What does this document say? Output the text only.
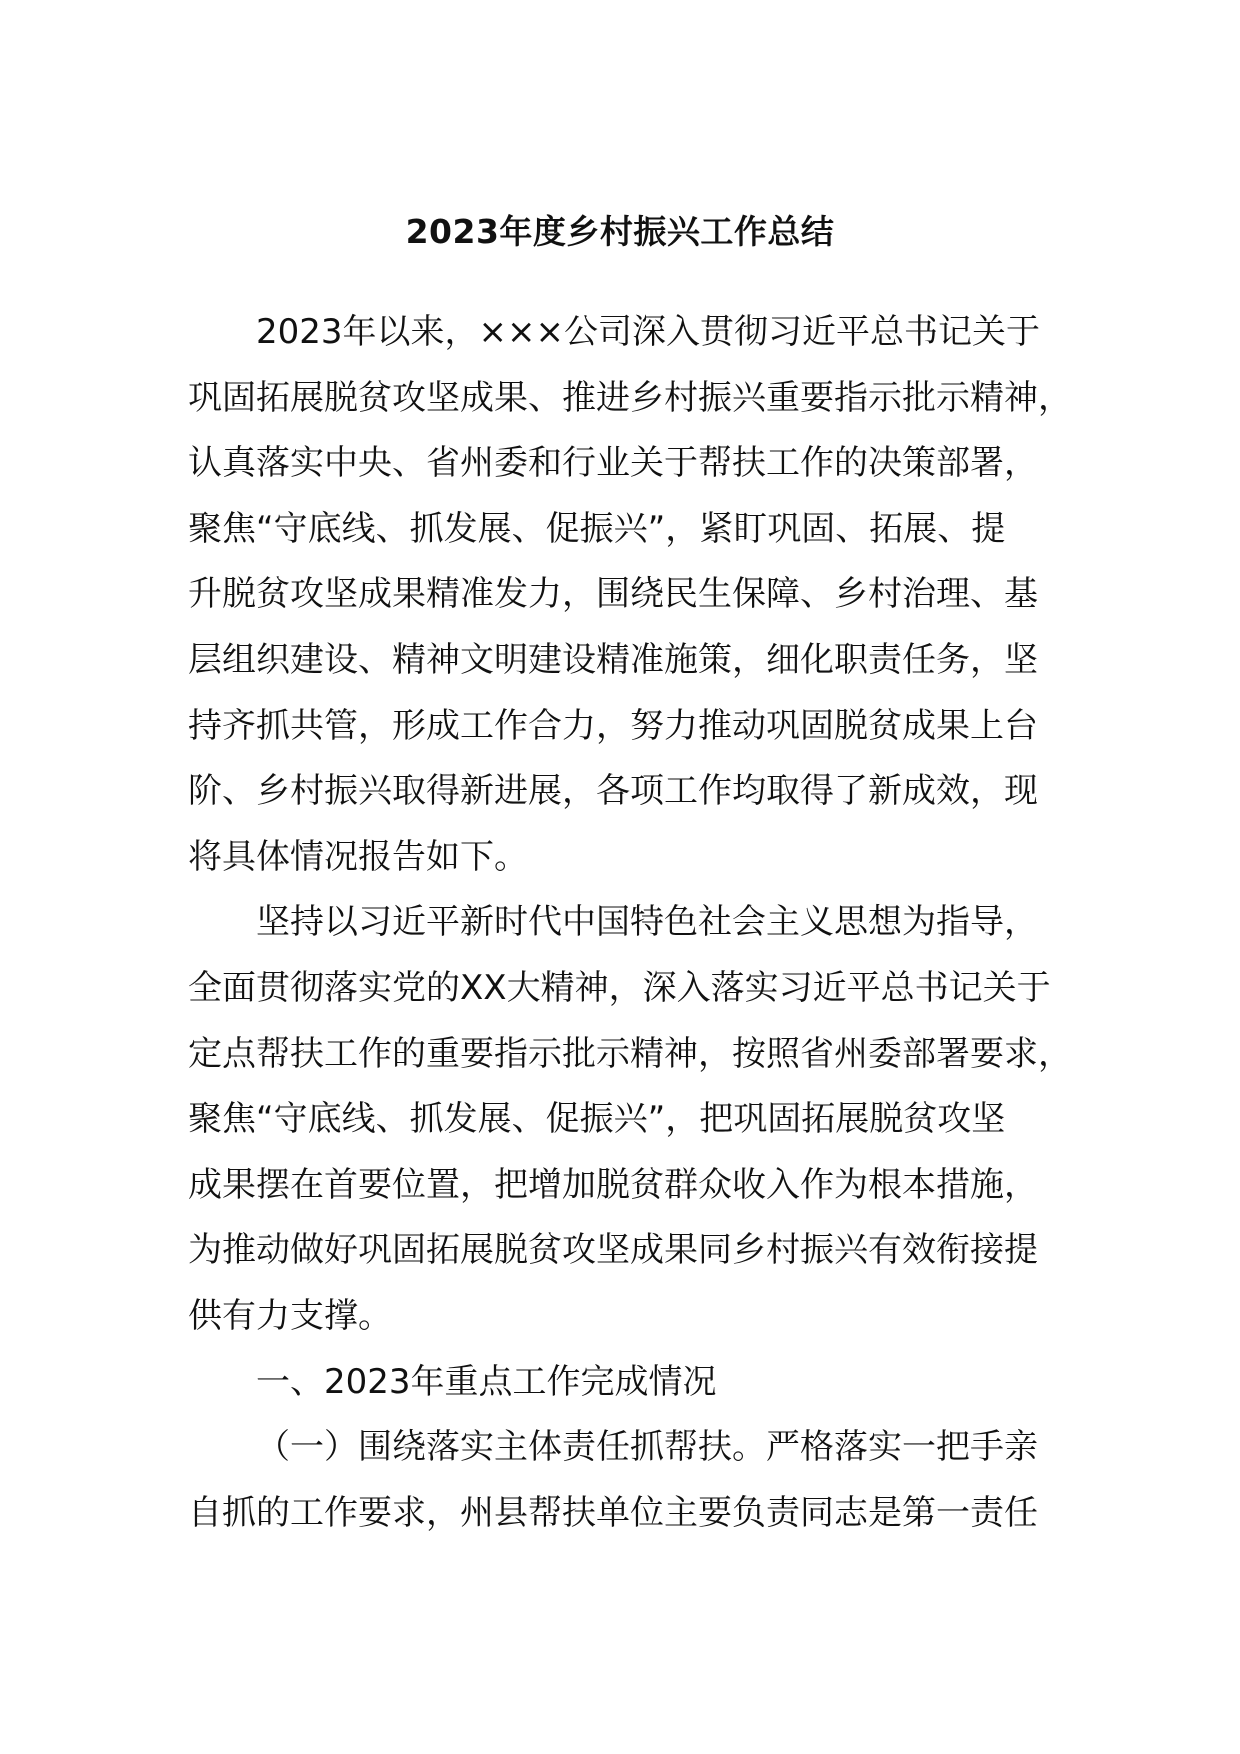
2023年度乡村振兴工作总结
2023年以来，×××公司深入贯彻习近平总书记关于
巩固拓展脱贫攻坚成果、推进乡村振兴重要指示批示精神，
认真落实中央、省州委和行业关于帮扶工作的决策部署，
聚焦“守底线、抓发展、促振兴”，紧盯巩固、拓展、提
升脱贫攻坚成果精准发力，围绕民生保障、乡村治理、基
层组织建设、精神文明建设精准施策，细化职责任务，坚
持齐抓共管，形成工作合力，努力推动巩固脱贫成果上台
阶、乡村振兴取得新进展，各项工作均取得了新成效，现
将具体情况报告如下。
坚持以习近平新时代中国特色社会主义思想为指导，
全面贯彻落实党的XX大精神，深入落实习近平总书记关于
定点帮扶工作的重要指示批示精神，按照省州委部署要求，
聚焦“守底线、抓发展、促振兴”，把巩固拓展脱贫攻坚
成果摆在首要位置，把增加脱贫群众收入作为根本措施，
为推动做好巩固拓展脱贫攻坚成果同乡村振兴有效衔接提
供有力支撑。
一、2023年重点工作完成情况
（一）围绕落实主体责任抓帮扶。严格落实一把手亲
自抓的工作要求，州县帮扶单位主要负责同志是第一责任
